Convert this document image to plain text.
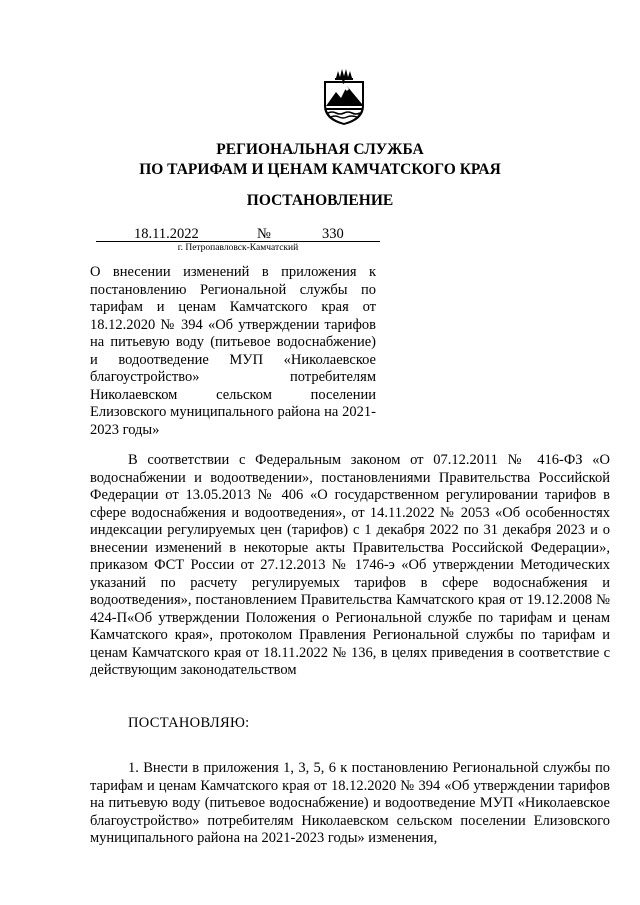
РЕГИОНАЛЬНАЯ СЛУЖБА
ПО ТАРИФАМ И ЦЕНАМ КАМЧАТСКОГО КРАЯ
ПОСТАНОВЛЕНИЕ
18.11.2022	№	330
г. Петропавловск-Камчатский
О внесении изменений в приложения к постановлению Региональной службы по тарифам и ценам Камчатского края от 18.12.2020 № 394 «Об утверждении тарифов на питьевую воду (питьевое водоснабжение) и водоотведение МУП «Николаевское благоустройство» потребителям Николаевском сельском поселении Елизовского муниципального района на 2021-2023 годы»
В соответствии с Федеральным законом от 07.12.2011 № 416-ФЗ «О водоснабжении и водоотведении», постановлениями Правительства Российской Федерации от 13.05.2013 № 406 «О государственном регулировании тарифов в сфере водоснабжения и водоотведения», от 14.11.2022 № 2053 «Об особенностях индексации регулируемых цен (тарифов) с 1 декабря 2022 по 31 декабря 2023 и о внесении изменений в некоторые акты Правительства Российской Федерации», приказом ФСТ России от 27.12.2013 № 1746-э «Об утверждении Методических указаний по расчету регулируемых тарифов в сфере водоснабжения и водоотведения», постановлением Правительства Камчатского края от 19.12.2008 № 424-П«Об утверждении Положения о Региональной службе по тарифам и ценам Камчатского края», протоколом Правления Региональной службы по тарифам и ценам Камчатского края от 18.11.2022 № 136, в целях приведения в соответствие с действующим законодательством
ПОСТАНОВЛЯЮ:
1. Внести в приложения 1, 3, 5, 6 к постановлению Региональной службы по тарифам и ценам Камчатского края от 18.12.2020 № 394 «Об утверждении тарифов на питьевую воду (питьевое водоснабжение) и водоотведение МУП «Николаевское благоустройство» потребителям Николаевском сельском поселении Елизовского муниципального района на 2021-2023 годы» изменения,
